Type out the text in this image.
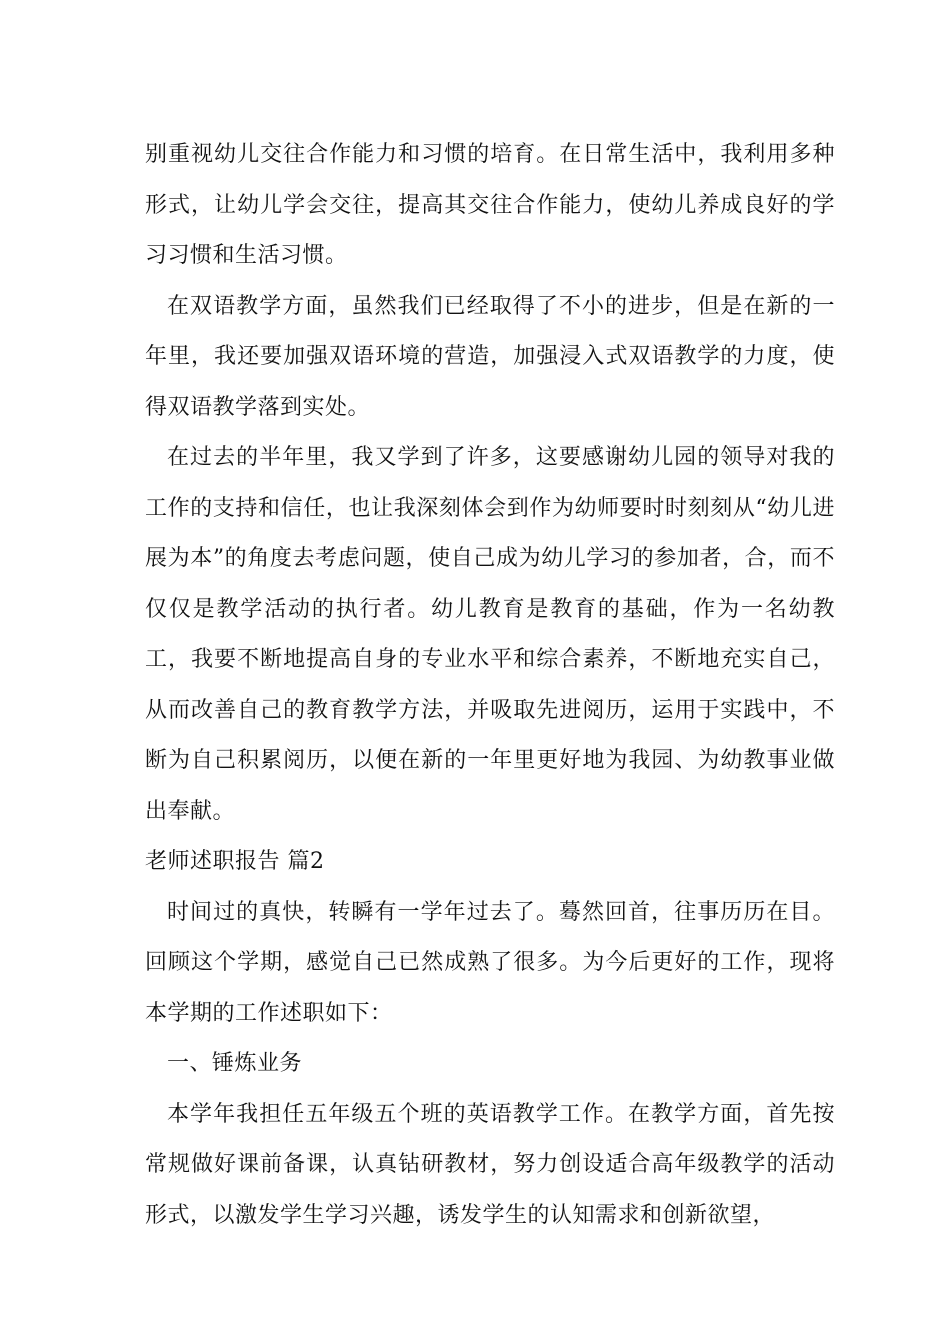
别重视幼儿交往合作能力和习惯的培育。在日常生活中，我利用多种形式，让幼儿学会交往，提高其交往合作能力，使幼儿养成良好的学习习惯和生活习惯。

在双语教学方面，虽然我们已经取得了不小的进步，但是在新的一年里，我还要加强双语环境的营造，加强浸入式双语教学的力度，使得双语教学落到实处。

在过去的半年里，我又学到了许多，这要感谢幼儿园的领导对我的工作的支持和信任，也让我深刻体会到作为幼师要时时刻刻从“幼儿进展为本”的角度去考虑问题，使自己成为幼儿学习的参加者，合，而不仅仅是教学活动的执行者。幼儿教育是教育的基础，作为一名幼教工，我要不断地提高自身的专业水平和综合素养，不断地充实自己，从而改善自己的教育教学方法，并吸取先进阅历，运用于实践中，不断为自己积累阅历，以便在新的一年里更好地为我园、为幼教事业做出奉献。

老师述职报告 篇2

时间过的真快，转瞬有一学年过去了。蓦然回首，往事历历在目。回顾这个学期，感觉自己已然成熟了很多。为今后更好的工作，现将本学期的工作述职如下：

一、锤炼业务

本学年我担任五年级五个班的英语教学工作。在教学方面，首先按常规做好课前备课，认真钻研教材，努力创设适合高年级教学的活动形式，以激发学生学习兴趣，诱发学生的认知需求和创新欲望，
